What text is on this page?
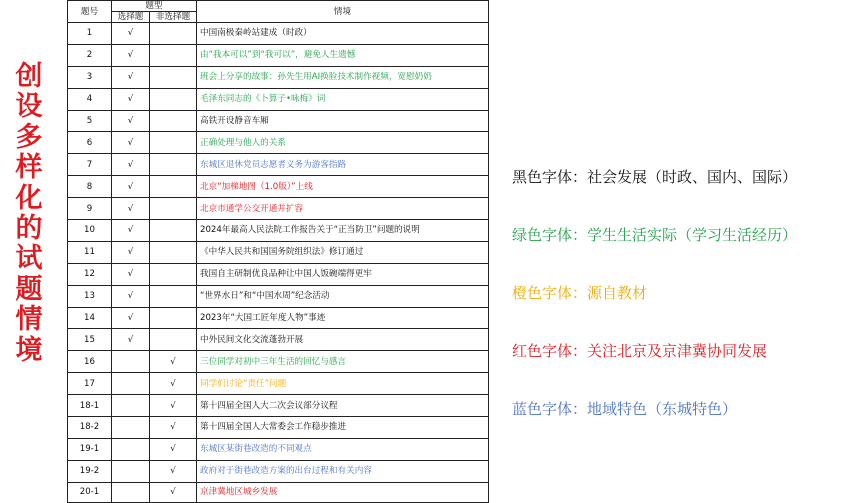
创
设
多
样
化
的
试
题
情
境
题号	题型		情境
	选择题	非选择题	
1	√		中国南极秦岭站建成（时政）
2	√		由“我本可以”到“我可以”，避免人生遗憾
3	√		班会上分享的故事：孙先生用AI换脸技术制作视频，宽慰奶奶
4	√		毛泽东同志的《卜算子•咏梅》词
5	√		高铁开设静音车厢
6	√		正确处理与他人的关系
7	√		东城区退休党员志愿者义务为游客指路
8	√		北京“加梯地图（1.0版）”上线
9	√		北京市通学公交开通并扩容
10	√		2024年最高人民法院工作报告关于“正当防卫”问题的说明
11	√		《中华人民共和国国务院组织法》修订通过
12	√		我国自主研制优良品种让中国人饭碗端得更牢
13	√		“世界水日”和“中国水周”纪念活动
14	√		2023年“大国工匠年度人物”事迹
15	√		中外民间文化交流蓬勃开展
16		√	三位同学对初中三年生活的回忆与感言
17		√	同学们讨论“责任”问题
18-1		√	第十四届全国人大二次会议部分议程
18-2		√	第十四届全国人大常委会工作稳步推进
19-1		√	东城区某街巷改造的不同观点
19-2		√	政府对于街巷改造方案的出台过程和有关内容
20-1		√	京津冀地区城乡发展
黑色字体：社会发展（时政、国内、国际）
绿色字体：学生生活实际（学习生活经历）
橙色字体：源自教材
红色字体：关注北京及京津冀协同发展
蓝色字体：地域特色（东城特色）
